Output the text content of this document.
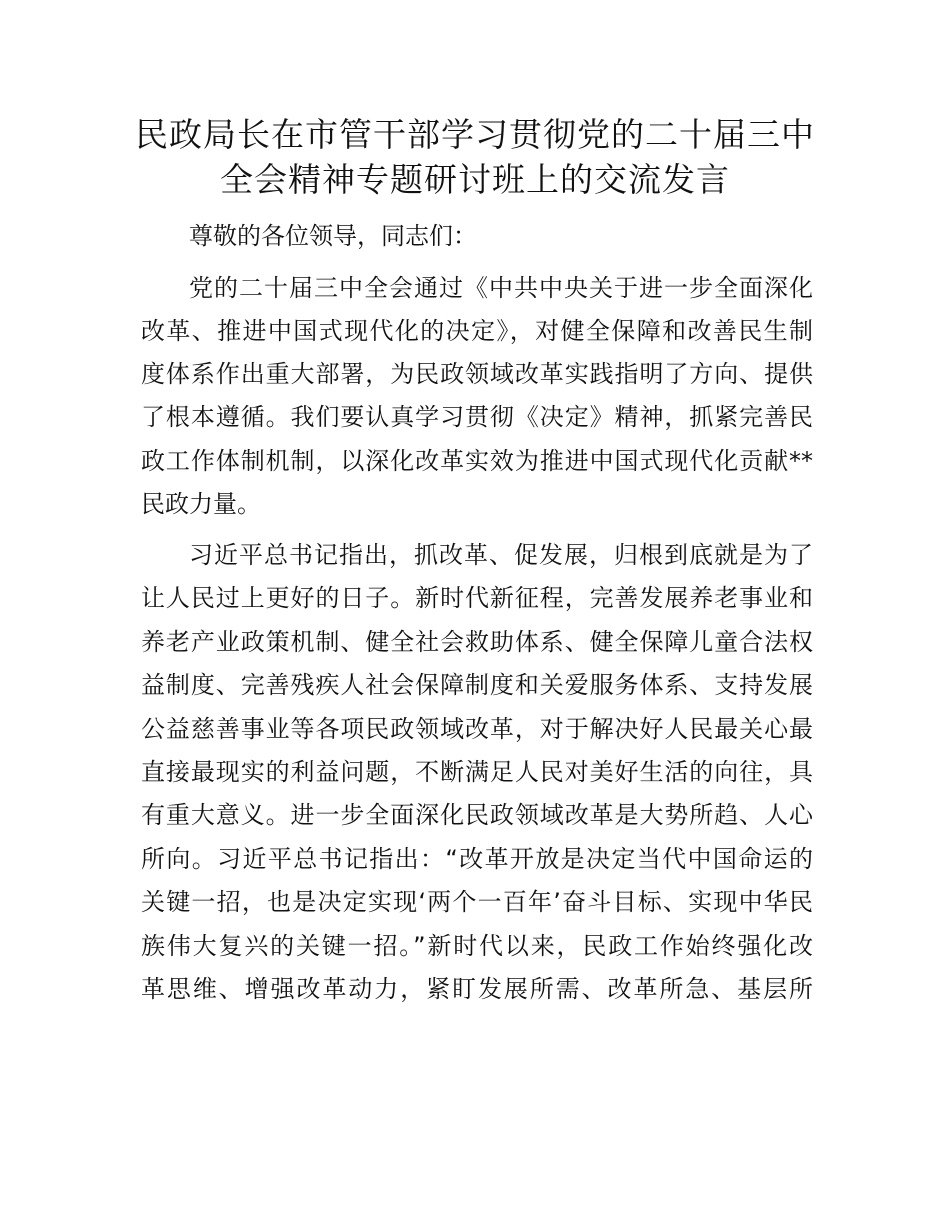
民政局长在市管干部学习贯彻党的二十届三中
全会精神专题研讨班上的交流发言

尊敬的各位领导，同志们：

党的二十届三中全会通过《中共中央关于进一步全面深化

改革、推进中国式现代化的决定》，对健全保障和改善民生制

度体系作出重大部署，为民政领域改革实践指明了方向、提供

了根本遵循。我们要认真学习贯彻《决定》精神，抓紧完善民

政工作体制机制，以深化改革实效为推进中国式现代化贡献**

民政力量。

习近平总书记指出，抓改革、促发展，归根到底就是为了

让人民过上更好的日子。新时代新征程，完善发展养老事业和

养老产业政策机制、健全社会救助体系、健全保障儿童合法权

益制度、完善残疾人社会保障制度和关爱服务体系、支持发展

公益慈善事业等各项民政领域改革，对于解决好人民最关心最

直接最现实的利益问题，不断满足人民对美好生活的向往，具

有重大意义。进一步全面深化民政领域改革是大势所趋、人心

所向。习近平总书记指出：“改革开放是决定当代中国命运的

关键一招，也是决定实现‘两个一百年’奋斗目标、实现中华民

族伟大复兴的关键一招。”新时代以来，民政工作始终强化改

革思维、增强改革动力，紧盯发展所需、改革所急、基层所
